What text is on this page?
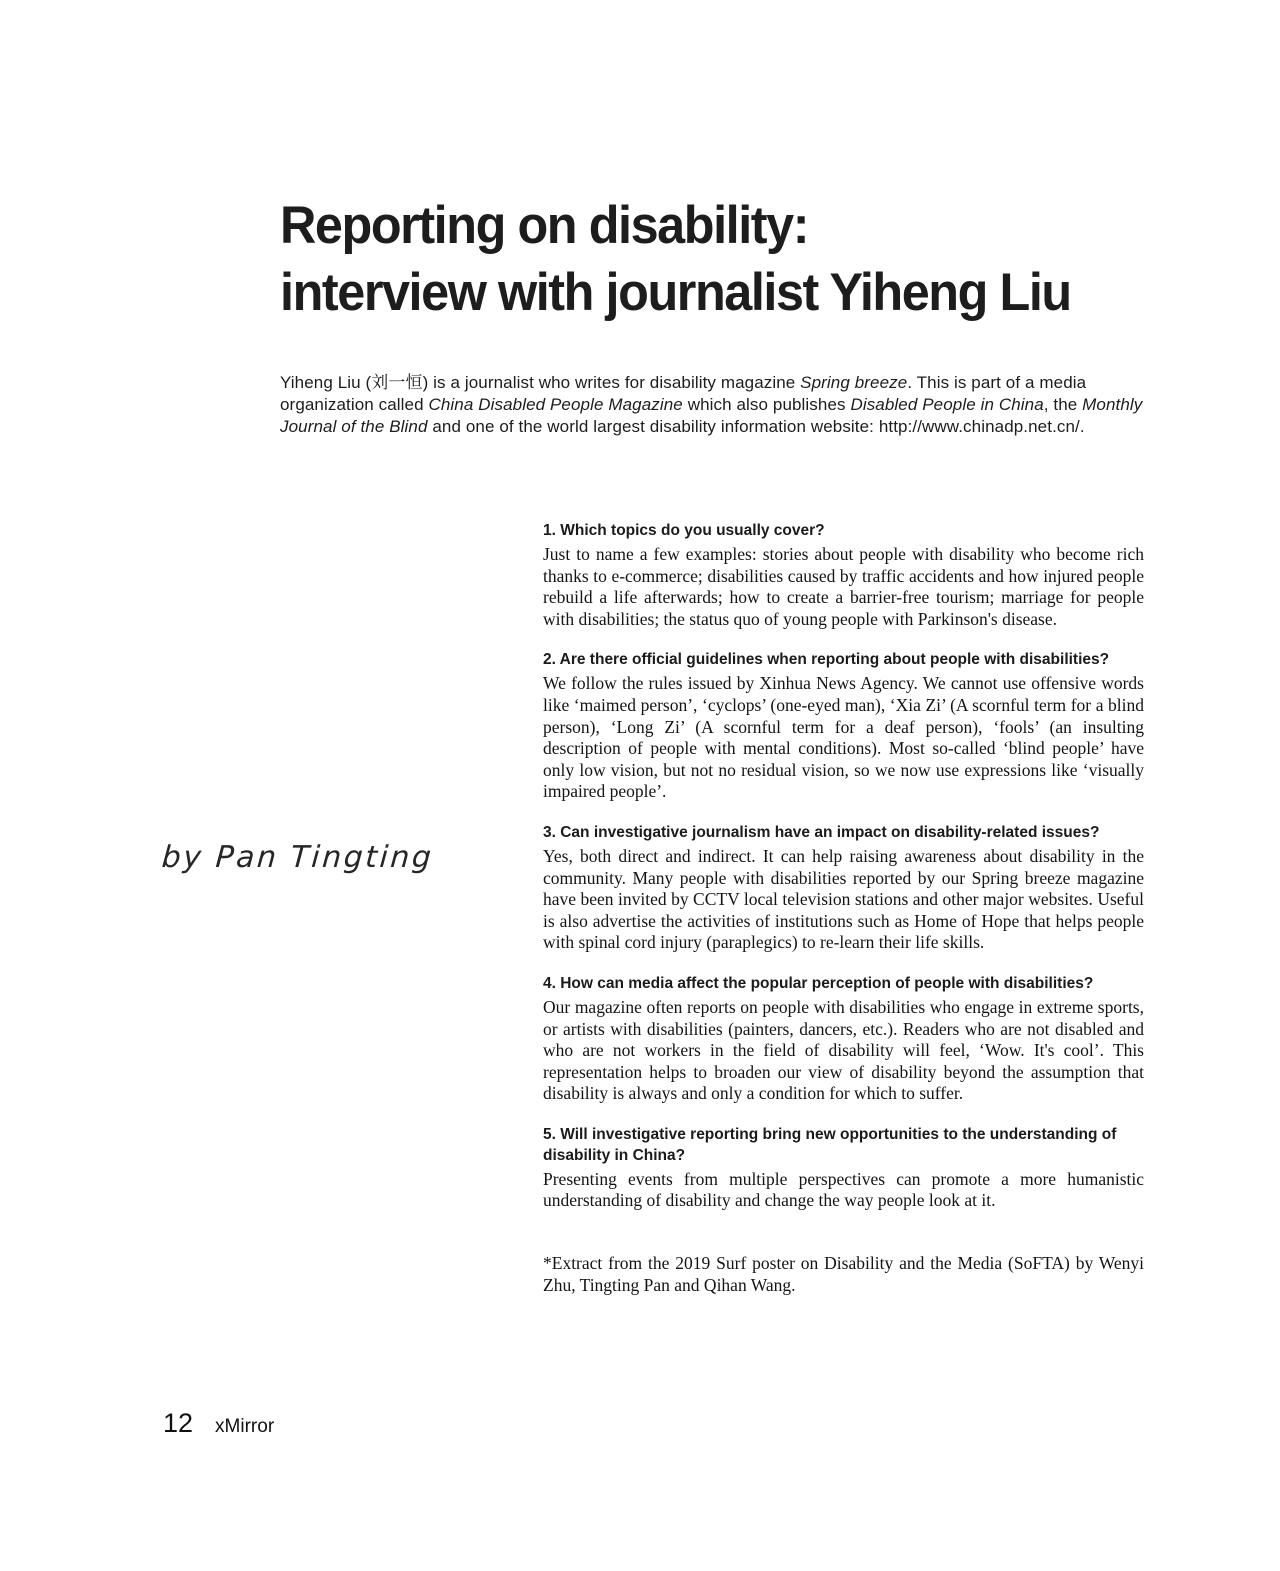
Reporting on disability:
interview with journalist Yiheng Liu

Yiheng Liu (刘一恒) is a journalist who writes for disability magazine Spring breeze. This is part of a media organization called China Disabled People Magazine which also publishes Disabled People in China, the Monthly Journal of the Blind and one of the world largest disability information website: http://www.chinadp.net.cn/.

by Pan Tingting
1. Which topics do you usually cover?

Just to name a few examples: stories about people with disability who become rich thanks to e-commerce; disabilities caused by traffic accidents and how injured people rebuild a life afterwards; how to create a barrier-free tourism; marriage for people with disabilities; the status quo of young people with Parkinson's disease.

2. Are there official guidelines when reporting about people with disabilities?

We follow the rules issued by Xinhua News Agency. We cannot use offensive words like ‘maimed person’, ‘cyclops’ (one-eyed man), ‘Xia Zi’ (A scornful term for a blind person), ‘Long Zi’ (A scornful term for a deaf person), ‘fools’ (an insulting description of people with mental conditions). Most so-called ‘blind people’ have only low vision, but not no residual vision, so we now use expressions like ‘visually impaired people’.

3. Can investigative journalism have an impact on disability-related issues?

Yes, both direct and indirect. It can help raising awareness about disability in the community. Many people with disabilities reported by our Spring breeze magazine have been invited by CCTV local television stations and other major websites. Useful is also advertise the activities of institutions such as Home of Hope that helps people with spinal cord injury (paraplegics) to re-learn their life skills.

4. How can media affect the popular perception of people with disabilities?

Our magazine often reports on people with disabilities who engage in extreme sports, or artists with disabilities (painters, dancers, etc.). Readers who are not disabled and who are not workers in the field of disability will feel, ‘Wow. It's cool’. This representation helps to broaden our view of disability beyond the assumption that disability is always and only a condition for which to suffer.

5. Will investigative reporting bring new opportunities to the understanding of disability in China?

Presenting events from multiple perspectives can promote a more humanistic understanding of disability and change the way people look at it.

*Extract from the 2019 Surf poster on Disability and the Media (SoFTA) by Wenyi Zhu, Tingting Pan and Qihan Wang.

12 xMirror
